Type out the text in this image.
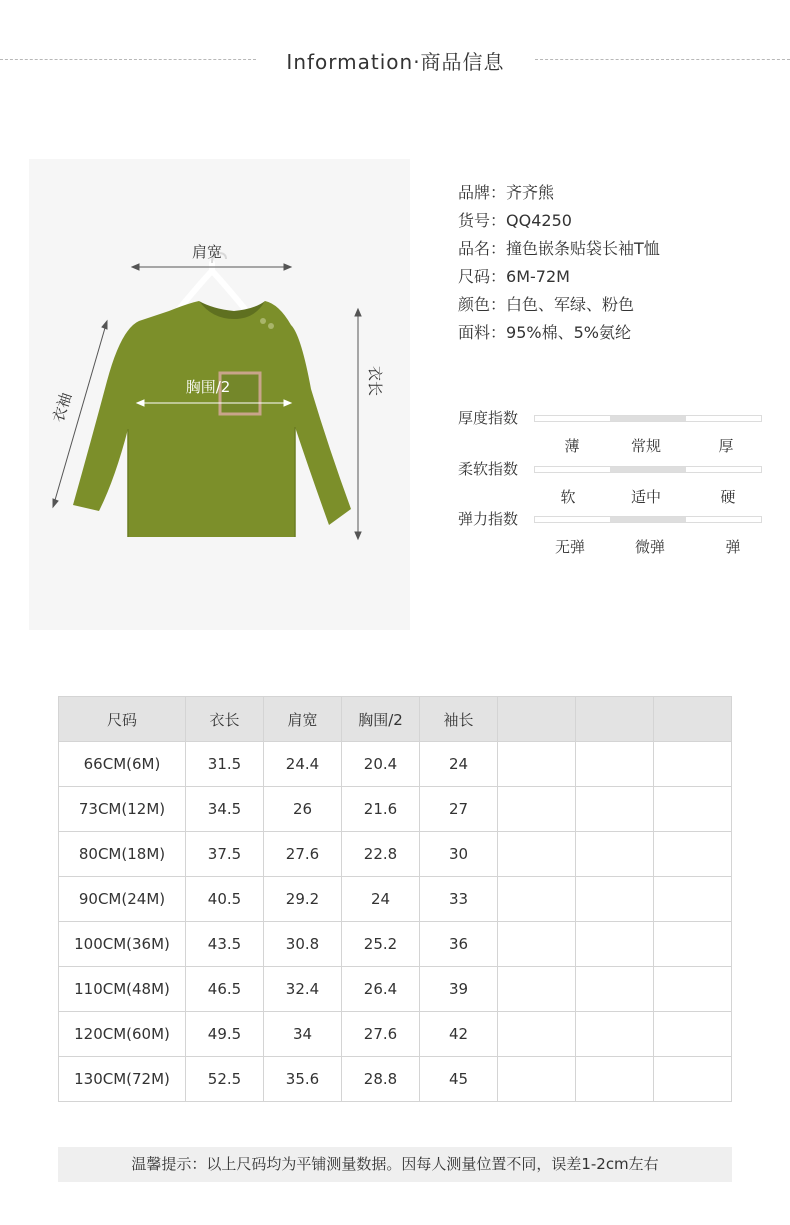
Information·商品信息
肩宽
胸围/2
衣袖
衣长
品牌：齐齐熊
货号：QQ4250
品名：撞色嵌条贴袋长袖T恤
尺码：6M-72M
颜色：白色、军绿、粉色
面料：95%棉、5%氨纶
厚度指数
薄	常规	厚
柔软指数
软	适中	硬
弹力指数
无弹	微弹	弹
尺码	衣长	肩宽	胸围/2	袖长			
66CM(6M)	31.5	24.4	20.4	24			
73CM(12M)	34.5	26	21.6	27			
80CM(18M)	37.5	27.6	22.8	30			
90CM(24M)	40.5	29.2	24	33			
100CM(36M)	43.5	30.8	25.2	36			
110CM(48M)	46.5	32.4	26.4	39			
120CM(60M)	49.5	34	27.6	42			
130CM(72M)	52.5	35.6	28.8	45			
温馨提示：以上尺码均为平铺测量数据。因每人测量位置不同，误差1-2cm左右
